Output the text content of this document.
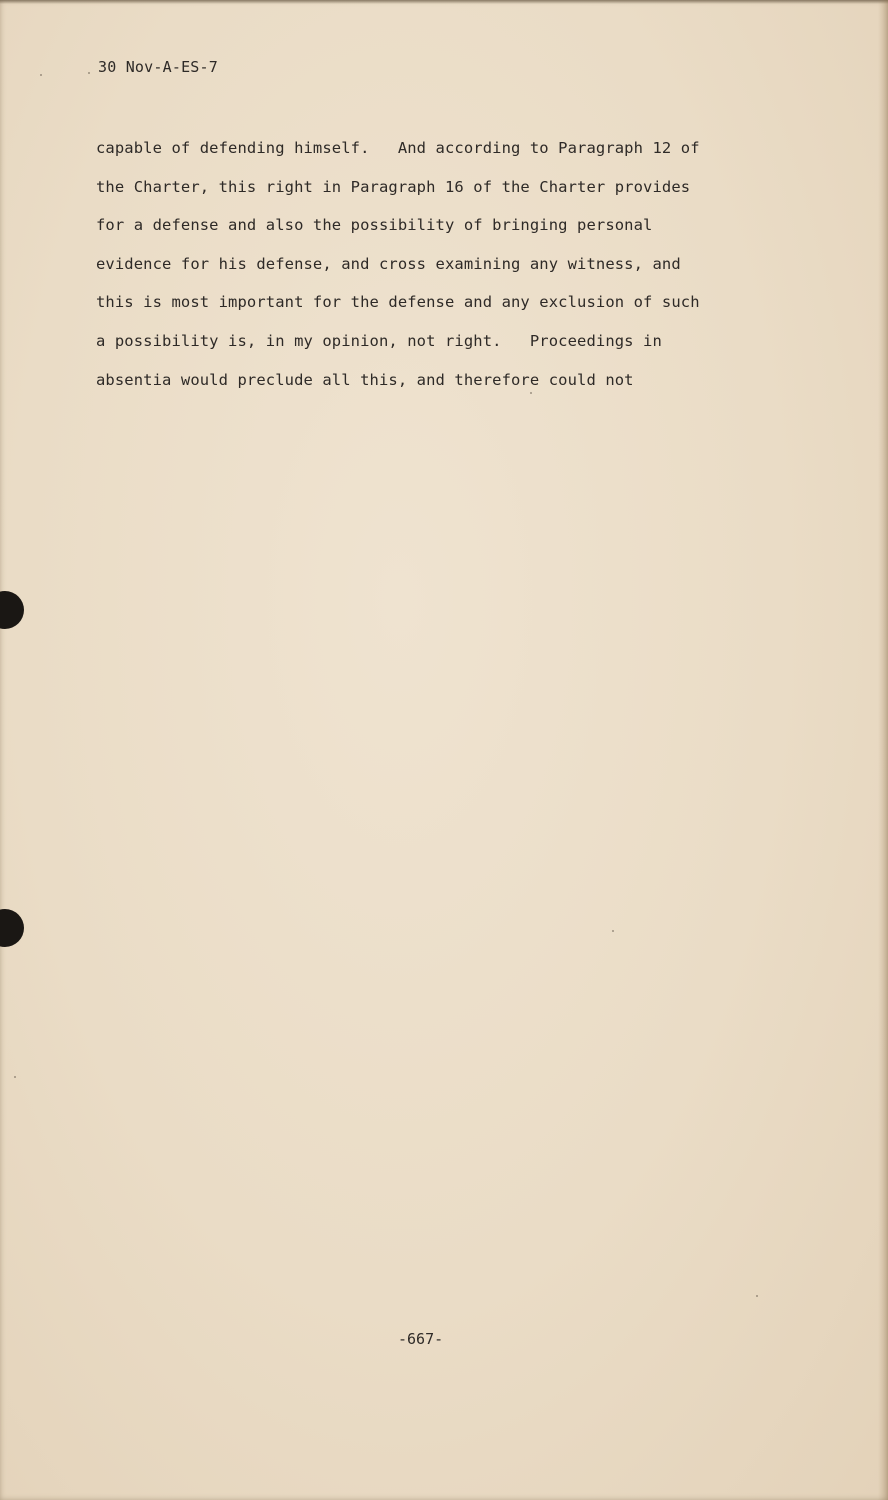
30 Nov-A-ES-7
capable of defending himself.   And according to Paragraph 12 of
the Charter, this right in Paragraph 16 of the Charter provides
for a defense and also the possibility of bringing personal
evidence for his defense, and cross examining any witness, and
this is most important for the defense and any exclusion of such
a possibility is, in my opinion, not right.   Proceedings in
absentia would preclude all this, and therefore could not
-667-
